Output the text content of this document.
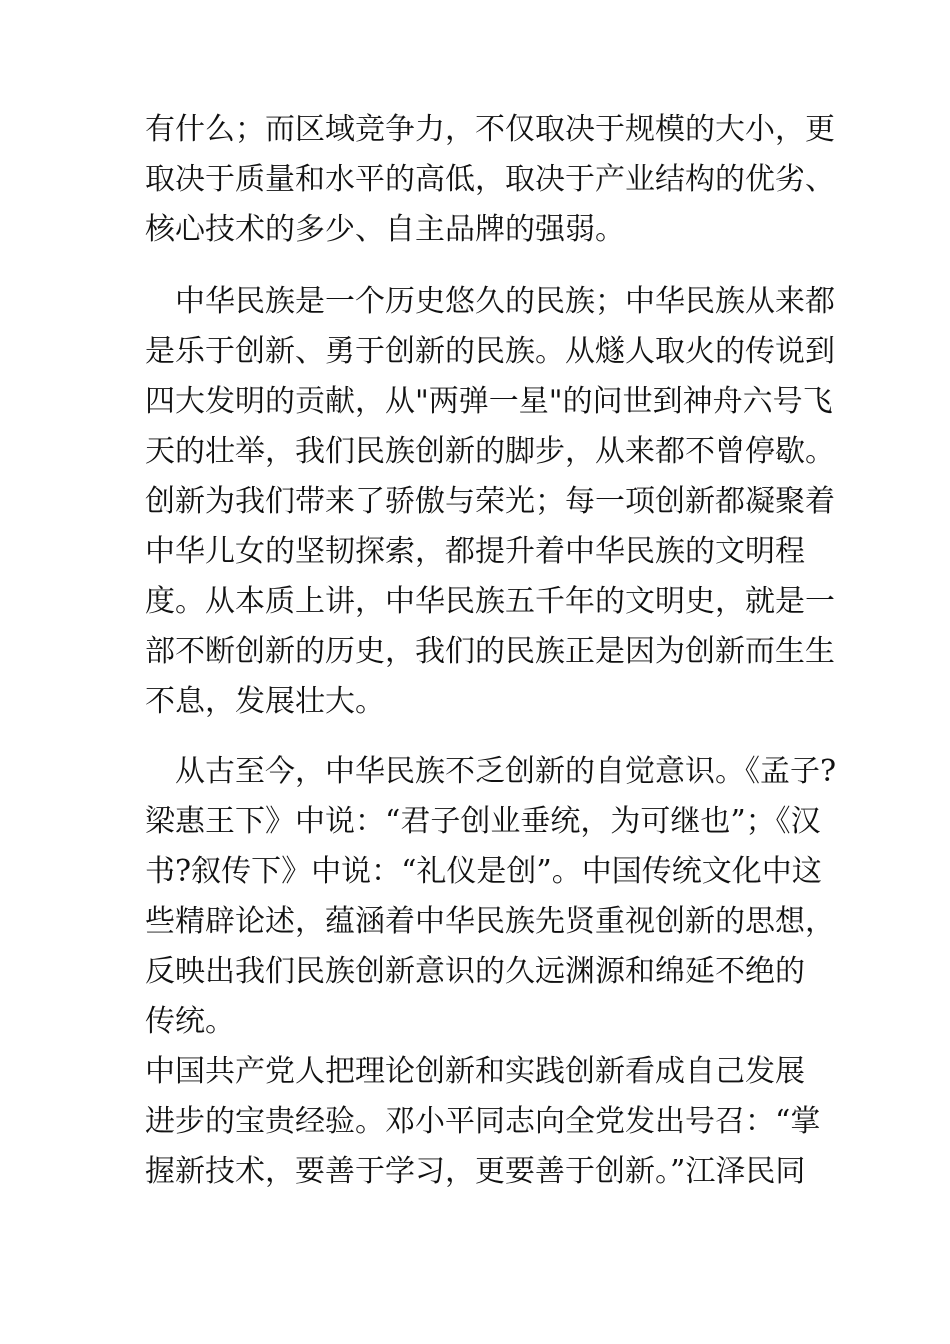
有什么；而区域竞争力，不仅取决于规模的大小，更
取决于质量和水平的高低，取决于产业结构的优劣、
核心技术的多少、自主品牌的强弱。
　中华民族是一个历史悠久的民族；中华民族从来都
是乐于创新、勇于创新的民族。从燧人取火的传说到
四大发明的贡献，从"两弹一星"的问世到神舟六号飞
天的壮举，我们民族创新的脚步，从来都不曾停歇。
创新为我们带来了骄傲与荣光；每一项创新都凝聚着
中华儿女的坚韧探索，都提升着中华民族的文明程
度。从本质上讲，中华民族五千年的文明史，就是一
部不断创新的历史，我们的民族正是因为创新而生生
不息，发展壮大。
　从古至今，中华民族不乏创新的自觉意识。《孟子?
梁惠王下》中说：“君子创业垂统，为可继也”；《汉
书?叙传下》中说：“礼仪是创”。中国传统文化中这
些精辟论述，蕴涵着中华民族先贤重视创新的思想，
反映出我们民族创新意识的久远渊源和绵延不绝的
传统。
中国共产党人把理论创新和实践创新看成自己发展
进步的宝贵经验。邓小平同志向全党发出号召：“掌
握新技术，要善于学习，更要善于创新。”江泽民同
